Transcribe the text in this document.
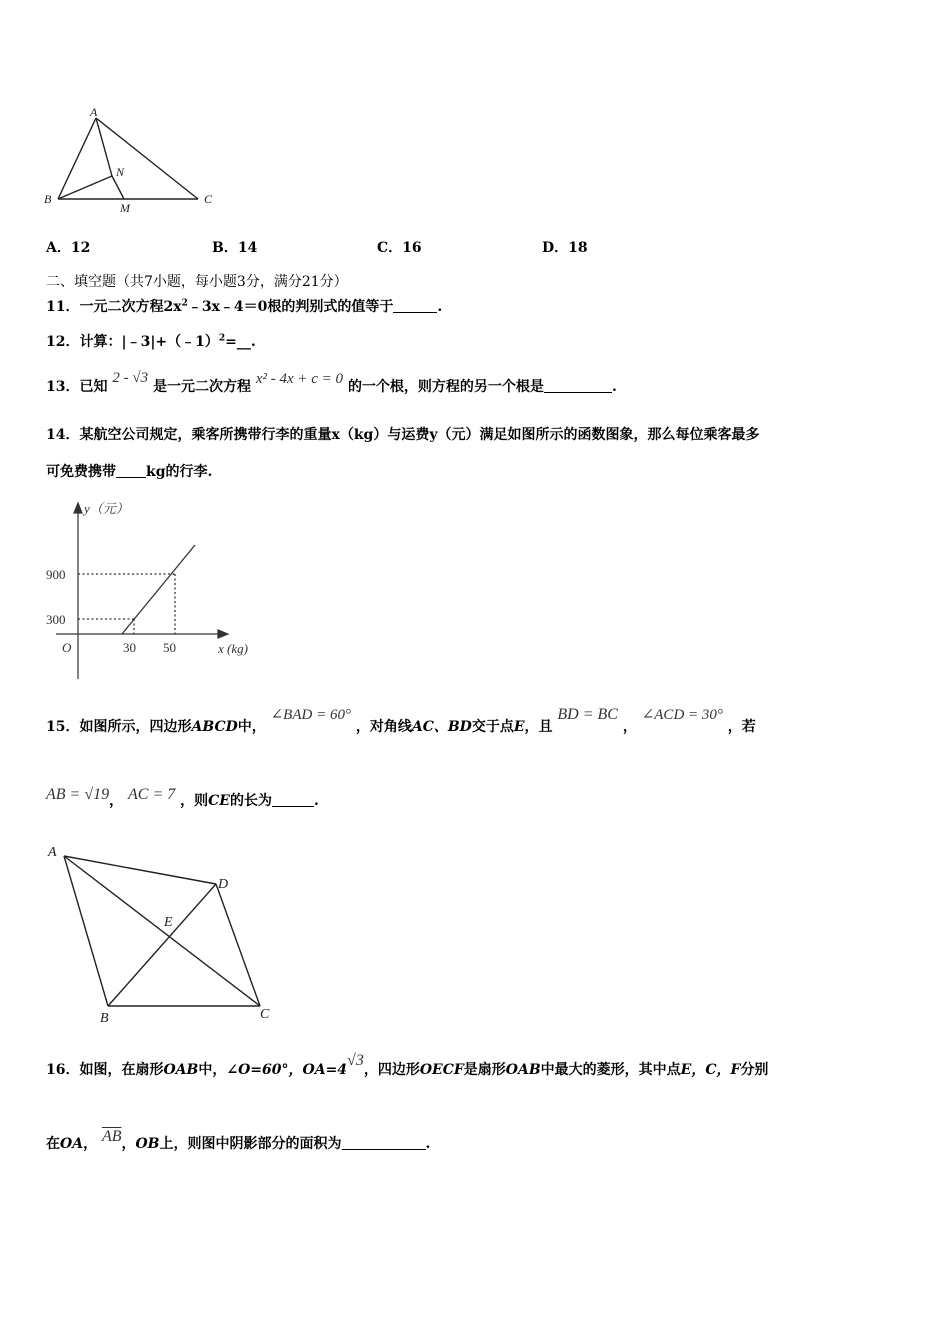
A
B	C
M
N
A．12	B．14	C．16	D．18
二、填空题（共7小题，每小题3分，满分21分）
11．一元二次方程$2x^2﹣3x﹣4=0$根的判别式的值等于	.
12．计算：|﹣3|+（﹣1）$^2$=__.
13．已知 2 - √3 是一元二次方程 x² - 4x + c = 0 的一个根，则方程的另一个根是	.
14．某航空公司规定，乘客所携带行李的重量x（kg）与运费y（元）满足如图所示的函数图象，那么每位乘客最多
可免费携带 kg的行李.
y（元）
x (kg)
O
900
300
30 50
15．如图所示，四边形ABCD中， ∠BAD = 60° ，对角线AC、BD交于点E，且 BD = BC ， ∠ACD = 30° ，若
AB = √19， AC = 7 ，则CE的长为	.
A
B	C
D
E
16．如图，在扇形OAB中，∠O=60°，OA=4√3，四边形OECF是扇形OAB中最大的菱形，其中点E，C，F分别
在OA， $\overline{AB}$，OB上，则图中阴影部分的面积为	.
